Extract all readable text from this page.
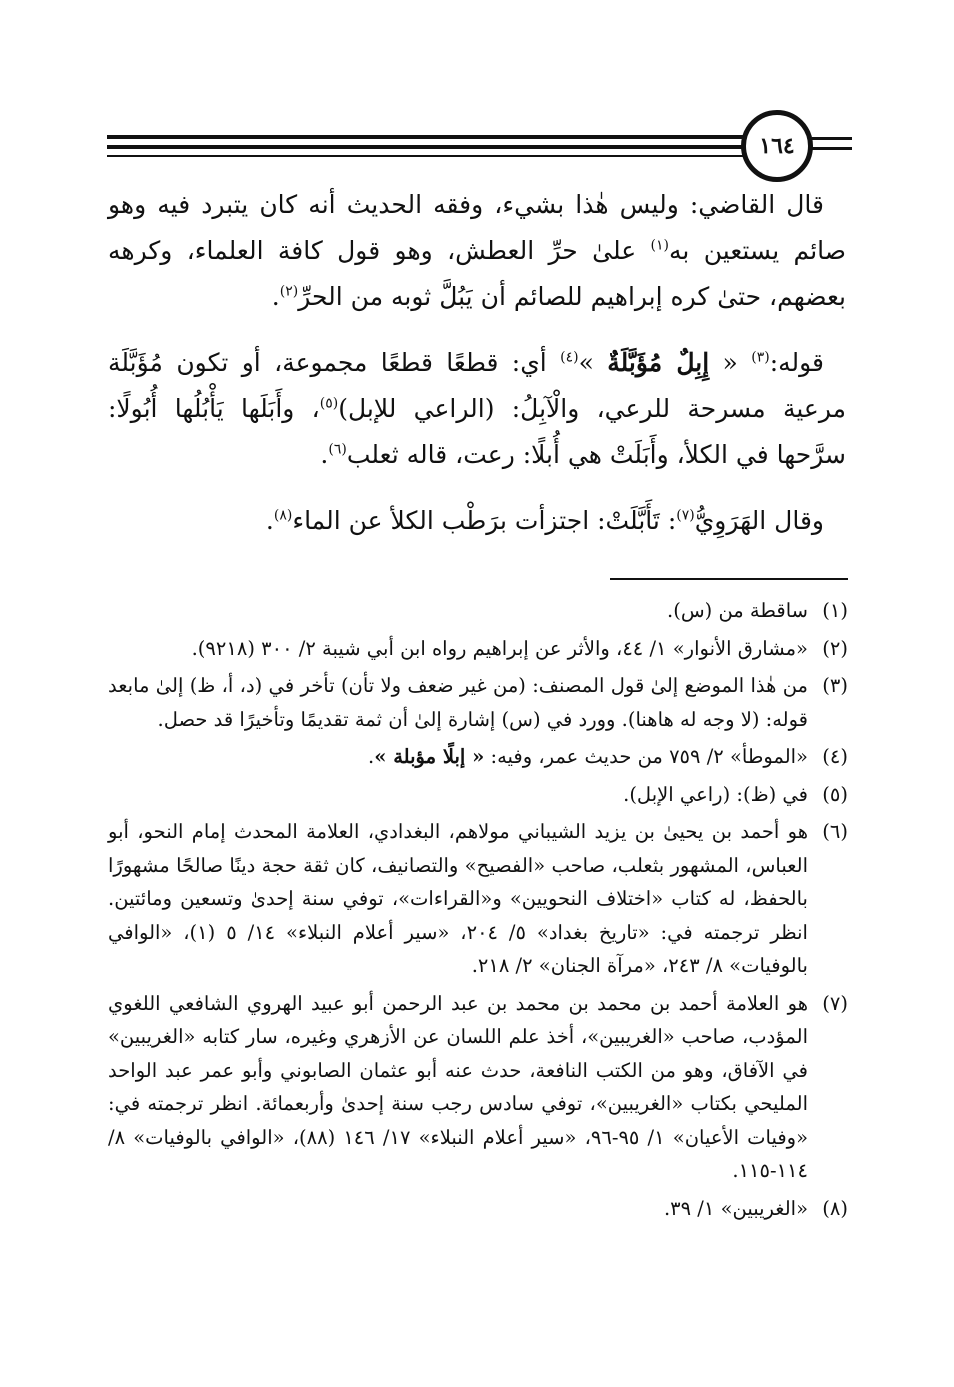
١٦٤

قال القاضي: وليس هٰذا بشيء، وفقه الحديث أنه كان يتبرد فيه وهو صائم يستعين به$^{(١)}$ علىٰ حرِّ العطش، وهو قول كافة العلماء، وكرهه بعضهم، حتىٰ كره إبراهيم للصائم أن يَبُلَّ ثوبه من الحرِّ$^{(٢)}$.

قوله:$^{(٣)}$ « إِبِلٌ مُؤَبَّلَةٌ »$^{(٤)}$ أي: قطعًا قطعًا مجموعة، أو تكون مُؤَبَّلَة مرعية مسرحة للرعي، والْآبِلُ: (الراعي للإبل)$^{(٥)}$، وأَبَلَها يَأْبُلُها أُبُولًا: سرَّحها في الكلأ، وأَبَلَتْ هي أُبلًا: رعت، قاله ثعلب$^{(٦)}$.

وقال الهَرَوِيُّ$^{(٧)}$: تَأَبَّلَتْ: اجتزأت برَطْب الكلأ عن الماء$^{(٨)}$.

(١)
ساقطة من (س).
(٢)
«مشارق الأنوار» ١/ ٤٤، والأثر عن إبراهيم رواه ابن أبي شيبة ٢/ ٣٠٠ (٩٢١٨).
(٣)
من هٰذا الموضع إلىٰ قول المصنف: (من غير ضعف ولا تأن) تأخر في (د، أ، ظ) إلىٰ مابعد قوله: (لا وجه له هاهنا). وورد في (س) إشارة إلىٰ أن ثمة تقديمًا وتأخيرًا قد حصل.
(٤)
«الموطأ» ٢/ ٧٥٩ من حديث عمر، وفيه: « إبلًا مؤبلة ».
(٥)
في (ظ): (راعي الإبل).
(٦)
هو أحمد بن يحيىٰ بن يزيد الشيباني مولاهم، البغدادي، العلامة المحدث إمام النحو، أبو العباس، المشهور بثعلب، صاحب «الفصيح» والتصانيف، كان ثقة حجة دينًا صالحًا مشهورًا بالحفظ، له كتاب «اختلاف النحويين» و«القراءات»، توفي سنة إحدىٰ وتسعين ومائتين. انظر ترجمته في: «تاريخ بغداد» ٥/ ٢٠٤، «سير أعلام النبلاء» ١٤/ ٥ (١)، «الوافي بالوفيات» ٨/ ٢٤٣، «مرآة الجنان» ٢/ ٢١٨.
(٧)
هو العلامة أحمد بن محمد بن محمد بن عبد الرحمن أبو عبيد الهروي الشافعي اللغوي المؤدب، صاحب «الغريبين»، أخذ علم اللسان عن الأزهري وغيره، سار كتابه «الغريبين» في الآفاق، وهو من الكتب النافعة، حدث عنه أبو عثمان الصابوني وأبو عمر عبد الواحد المليحي بكتاب «الغريبين»، توفي سادس رجب سنة إحدىٰ وأربعمائة. انظر ترجمته في: «وفيات الأعيان» ١/ ٩٥-٩٦، «سير أعلام النبلاء» ١٧/ ١٤٦ (٨٨)، «الوافي بالوفيات» ٨/ ١١٤-١١٥.
(٨)
«الغريبين» ١/ ٣٩.
